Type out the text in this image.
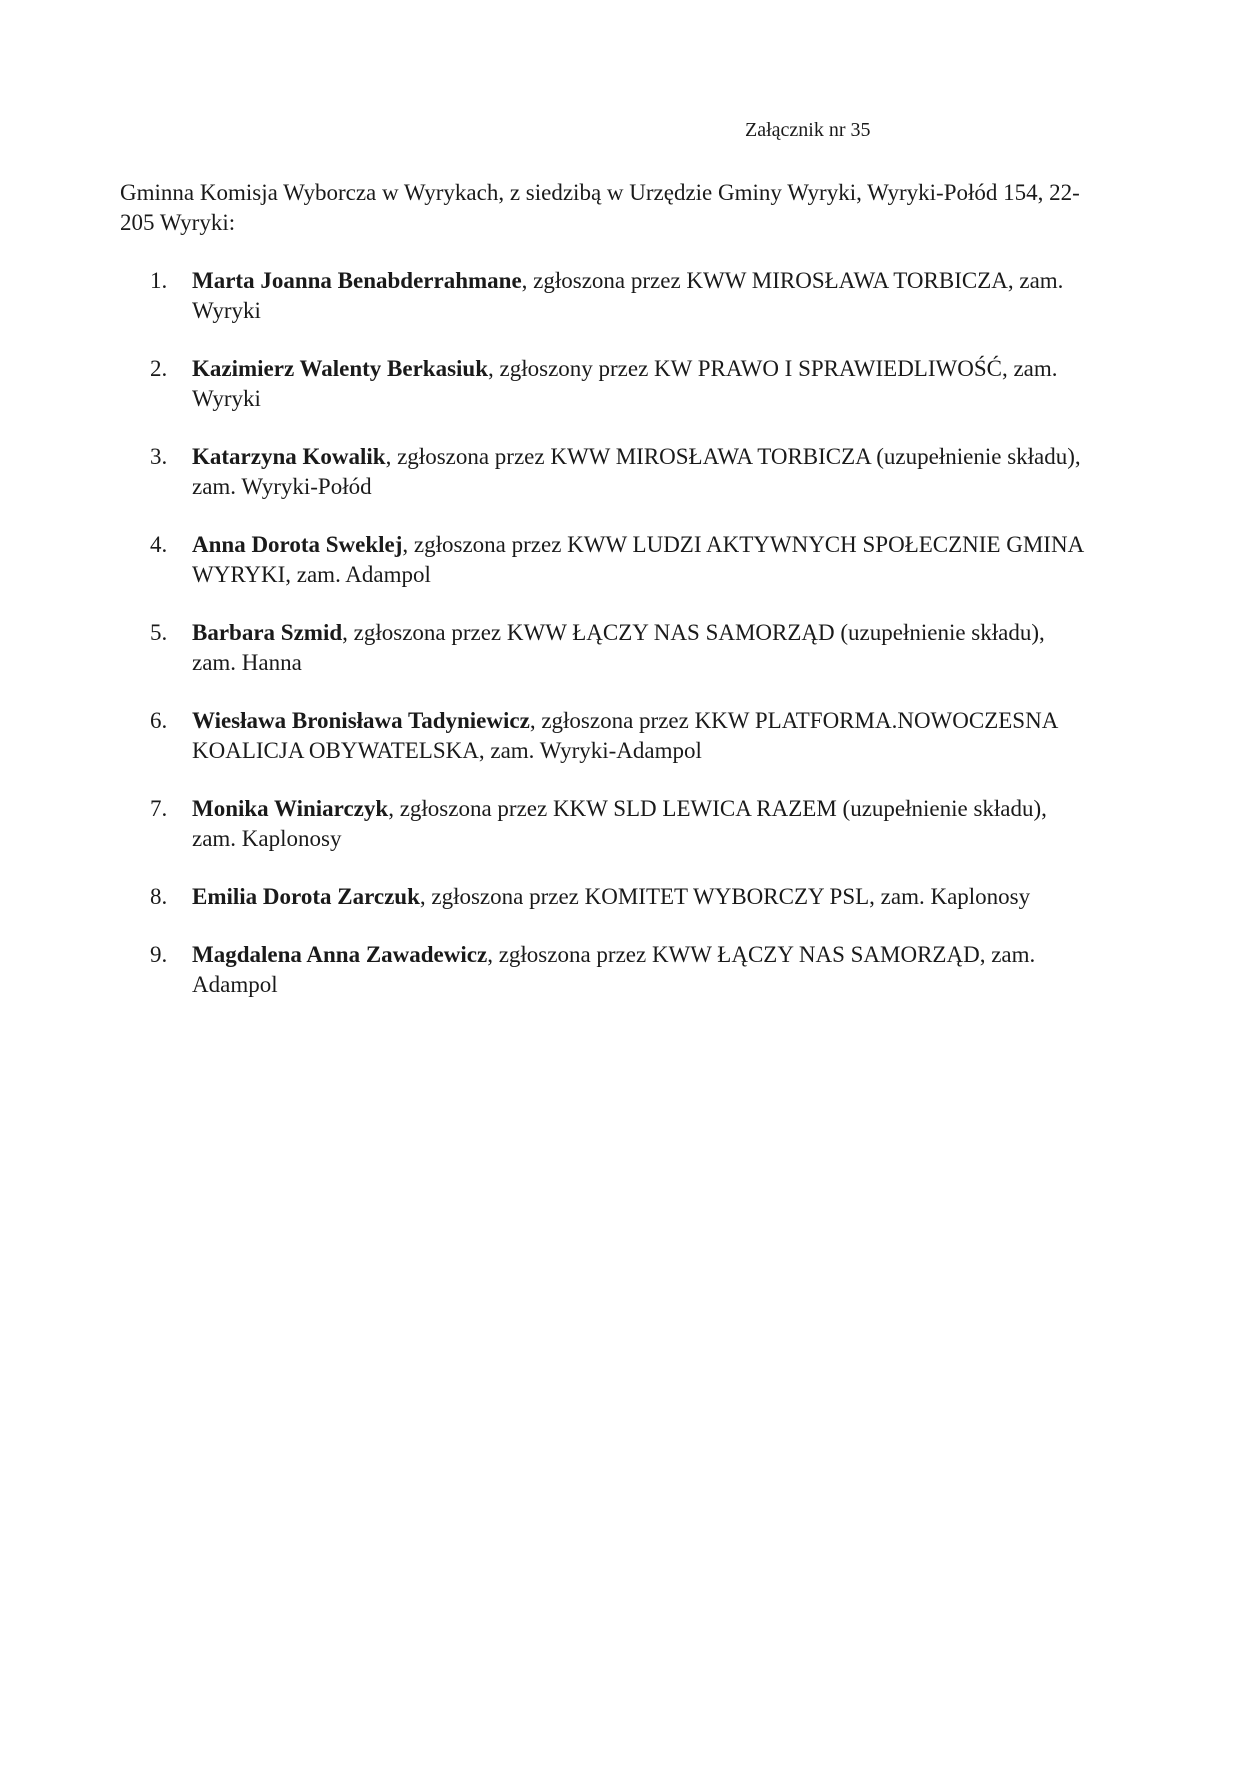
Załącznik nr 35
Gminna Komisja Wyborcza w Wyrykach, z siedzibą w Urzędzie Gminy Wyryki, Wyryki-Połód 154, 22-205 Wyryki:
1. Marta Joanna Benabderrahmane, zgłoszona przez KWW MIROSŁAWA TORBICZA, zam. Wyryki
2. Kazimierz Walenty Berkasiuk, zgłoszony przez KW PRAWO I SPRAWIEDLIWOŚĆ, zam. Wyryki
3. Katarzyna Kowalik, zgłoszona przez KWW MIROSŁAWA TORBICZA (uzupełnienie składu), zam. Wyryki-Połód
4. Anna Dorota Sweklej, zgłoszona przez KWW LUDZI AKTYWNYCH SPOŁECZNIE GMINA WYRYKI, zam. Adampol
5. Barbara Szmid, zgłoszona przez KWW ŁĄCZY NAS SAMORZĄD (uzupełnienie składu), zam. Hanna
6. Wiesława Bronisława Tadyniewicz, zgłoszona przez KKW PLATFORMA.NOWOCZESNA KOALICJA OBYWATELSKA, zam. Wyryki-Adampol
7. Monika Winiarczyk, zgłoszona przez KKW SLD LEWICA RAZEM (uzupełnienie składu), zam. Kaplonosy
8. Emilia Dorota Zarczuk, zgłoszona przez KOMITET WYBORCZY PSL, zam. Kaplonosy
9. Magdalena Anna Zawadewicz, zgłoszona przez KWW ŁĄCZY NAS SAMORZĄD, zam. Adampol
